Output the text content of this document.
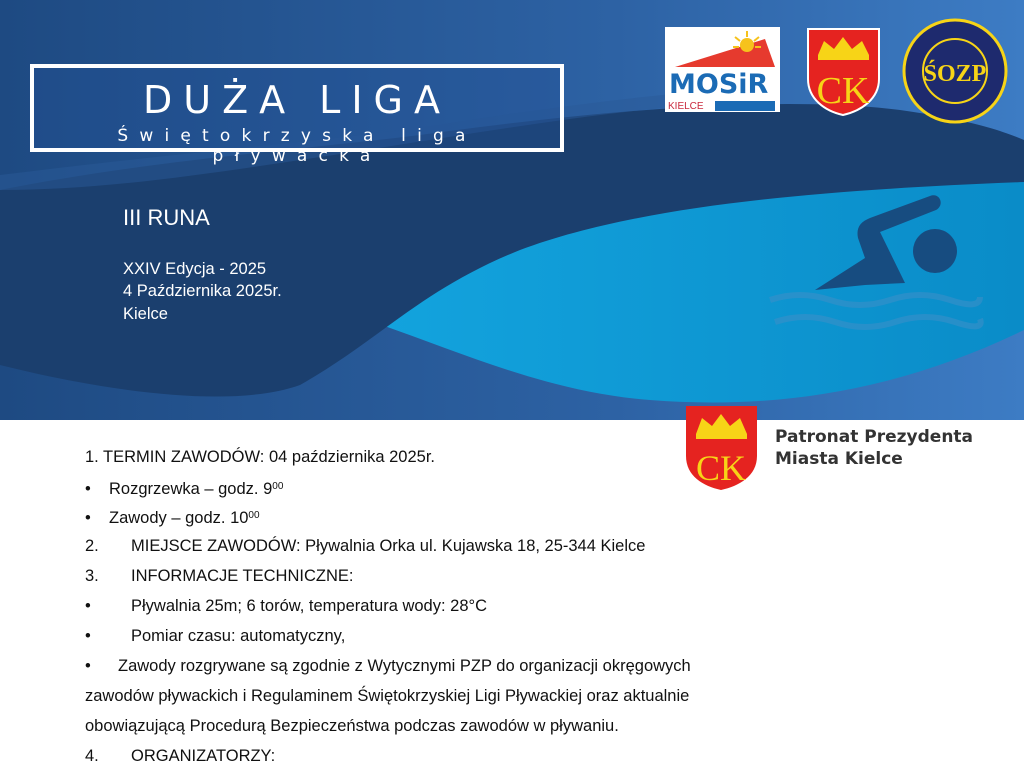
DUŻA LIGA
Świętokrzyska liga pływacka
III RUNA
XXIV Edycja - 2025
4 Października 2025r.
Kielce
MOSiR
KIELCE	CK ŚOZP
CK
Patronat Prezydenta
Miasta Kielce
1. TERMIN ZAWODÓW: 04 października 2025r.
• Rozgrzewka – godz. $9^{00}$
• Zawody – godz. $10^{00}$
2. MIEJSCE ZAWODÓW: Pływalnia Orka ul. Kujawska 18, 25-344 Kielce
3. INFORMACJE TECHNICZNE:
• Pływalnia 25m; 6 torów, temperatura wody: 28°C
• Pomiar czasu: automatyczny,
• Zawody rozgrywane są zgodnie z Wytycznymi PZP do organizacji okręgowych
zawodów pływackich i Regulaminem Świętokrzyskiej Ligi Pływackiej oraz aktualnie
obowiązującą Procedurą Bezpieczeństwa podczas zawodów w pływaniu.
4. ORGANIZATORZY:
